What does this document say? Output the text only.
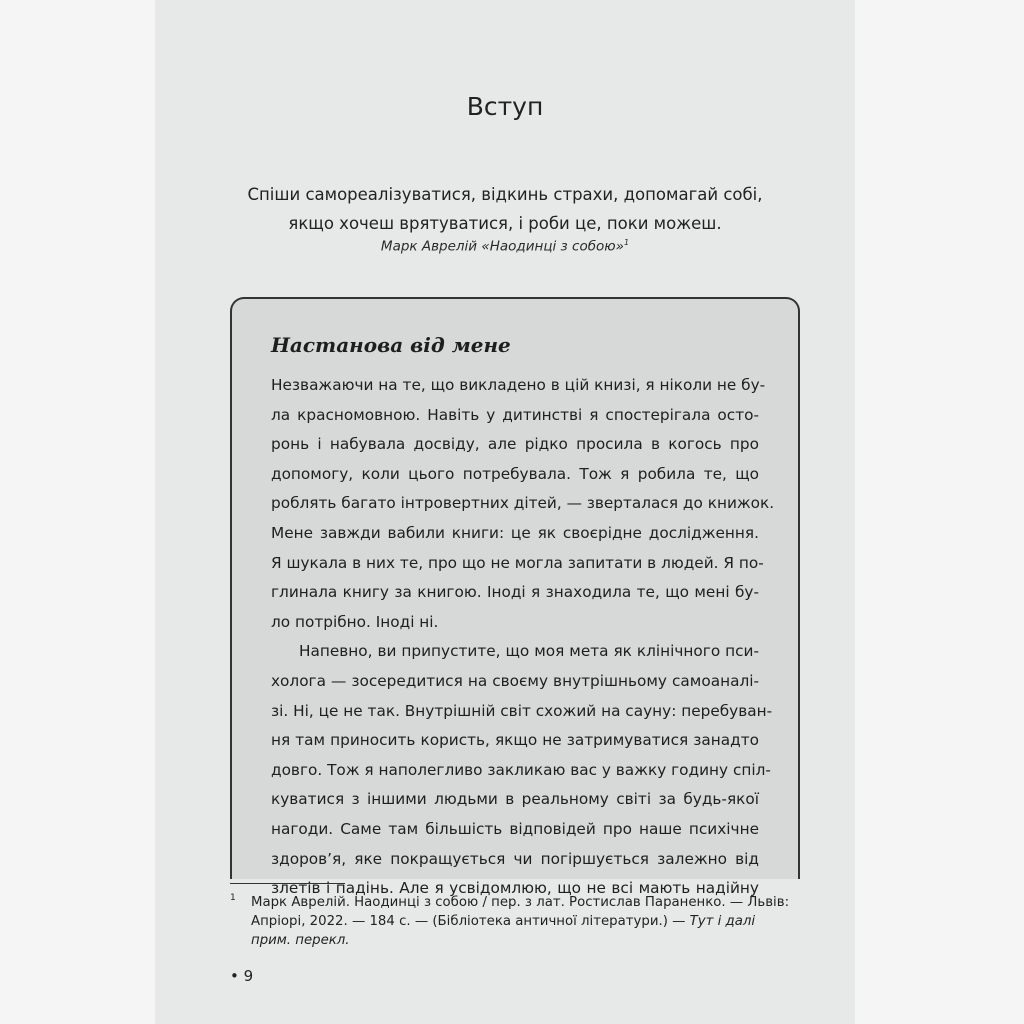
Вступ
Спіши самореалізуватися, відкинь страхи, допомагай собі,
якщо хочеш врятуватися, і роби це, поки можеш.
Марк Аврелій «Наодинці з собою»$^1$
Настанова від мене
Незважаючи на те, що викладено в цій книзі, я ніколи не бу-
ла красномовною. Навіть у дитинстві я спостерігала осто-
ронь і набувала досвіду, але рідко просила в когось про
допомогу, коли цього потребувала. Тож я робила те, що
роблять багато інтровертних дітей, — зверталася до книжок.
Мене завжди вабили книги: це як своєрідне дослідження.
Я шукала в них те, про що не могла запитати в людей. Я по-
глинала книгу за книгою. Іноді я знаходила те, що мені бу-
ло потрібно. Іноді ні.
Напевно, ви припустите, що моя мета як клінічного пси-
холога — зосередитися на своєму внутрішньому самоаналі-
зі. Ні, це не так. Внутрішній світ схожий на сауну: перебуван-
ня там приносить користь, якщо не затримуватися занадто
довго. Тож я наполегливо закликаю вас у важку годину спіл-
куватися з іншими людьми в реальному світі за будь-якої
нагоди. Саме там більшість відповідей про наше психічне
здоров’я, яке покращується чи погіршується залежно від
злетів і падінь. Але я усвідомлюю, що не всі мають надійну
1 Марк Аврелій. Наодинці з собою / пер. з лат. Ростислав Параненко. — Львів: Апріорі, 2022. — 184 с. — (Бібліотека античної літератури.) — Тут і далі прим. перекл.
• 9
